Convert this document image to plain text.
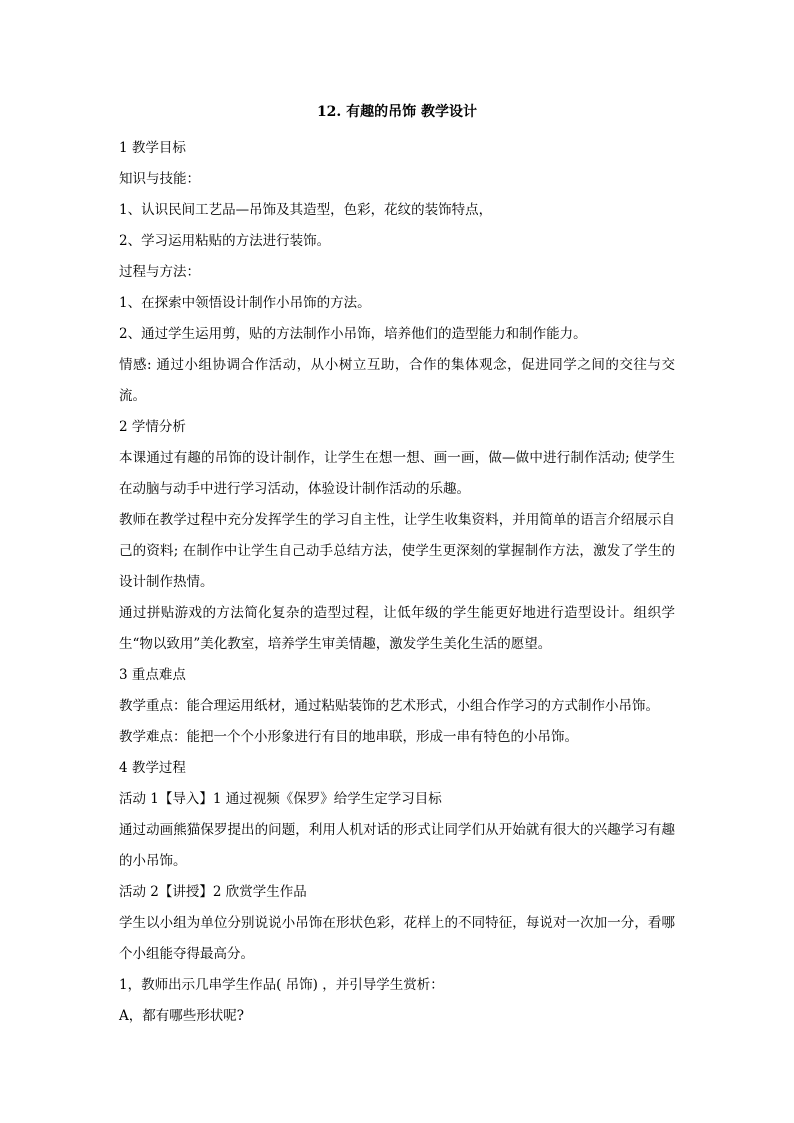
12. 有趣的吊饰 教学设计

1 教学目标

知识与技能：

1、认识民间工艺品—吊饰及其造型，色彩，花纹的装饰特点，

2、学习运用粘贴的方法进行装饰。

过程与方法：

1、在探索中领悟设计制作小吊饰的方法。

2、通过学生运用剪，贴的方法制作小吊饰，培养他们的造型能力和制作能力。

情感: 通过小组协调合作活动，从小树立互助，合作的集体观念，促进同学之间的交往与交流。

2 学情分析

本课通过有趣的吊饰的设计制作，让学生在想一想、画一画，做—做中进行制作活动; 使学生在动脑与动手中进行学习活动，体验设计制作活动的乐趣。

教师在教学过程中充分发挥学生的学习自主性，让学生收集资料，并用简单的语言介绍展示自己的资料; 在制作中让学生自己动手总结方法，使学生更深刻的掌握制作方法，激发了学生的设计制作热情。

通过拼贴游戏的方法简化复杂的造型过程，让低年级的学生能更好地进行造型设计。组织学生“物以致用”美化教室，培养学生审美情趣，激发学生美化生活的愿望。

3 重点难点

教学重点：能合理运用纸材，通过粘贴装饰的艺术形式，小组合作学习的方式制作小吊饰。

教学难点：能把一个个小形象进行有目的地串联，形成一串有特色的小吊饰。

4 教学过程

活动 1【导入】1 通过视频《保罗》给学生定学习目标

通过动画熊猫保罗提出的问题，利用人机对话的形式让同学们从开始就有很大的兴趣学习有趣的小吊饰。

活动 2【讲授】2 欣赏学生作品

学生以小组为单位分别说说小吊饰在形状色彩，花样上的不同特征，每说对一次加一分，看哪个小组能夺得最高分。

1，教师出示几串学生作品( 吊饰) ，并引导学生赏析：

A，都有哪些形状呢?
